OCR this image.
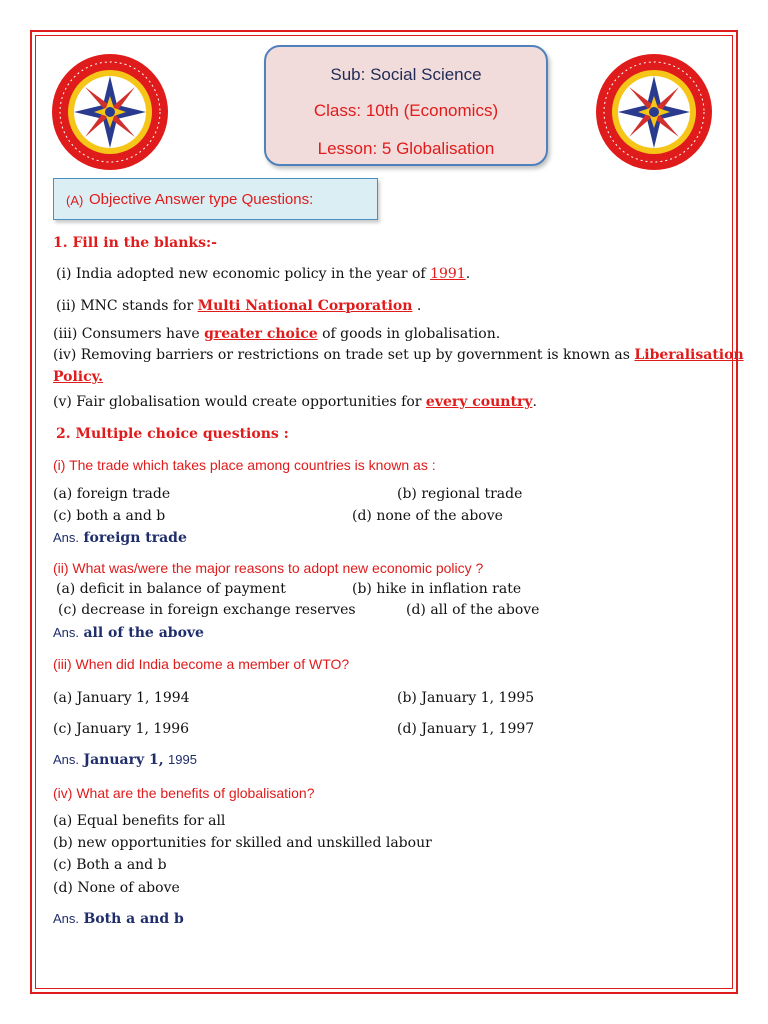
Sub: Social Science
Class: 10th (Economics)
Lesson: 5 Globalisation
(A) Objective Answer type Questions:
1. Fill in the blanks:-
(i) India adopted new economic policy in the year of 1991.
(ii) MNC stands for Multi National Corporation .
(iii) Consumers have greater choice of goods in globalisation.
(iv) Removing barriers or restrictions on trade set up by government is known as Liberalisation
Policy.
(v) Fair globalisation would create opportunities for every country.
2. Multiple choice questions :
(i) The trade which takes place among countries is known as :
(a) foreign trade	(b) regional trade
(c) both a and b	(d) none of the above
Ans. foreign trade
(ii) What was/were the major reasons to adopt new economic policy ?
(a) deficit in balance of payment	(b) hike in inflation rate
(c) decrease in foreign exchange reserves	(d) all of the above
Ans. all of the above
(iii) When did India become a member of WTO?
(a) January 1, 1994	(b) January 1, 1995
(c) January 1, 1996	(d) January 1, 1997
Ans. January 1, 1995
(iv) What are the benefits of globalisation?
(a) Equal benefits for all
(b) new opportunities for skilled and unskilled labour
(c) Both a and b
(d) None of above
Ans. Both a and b
